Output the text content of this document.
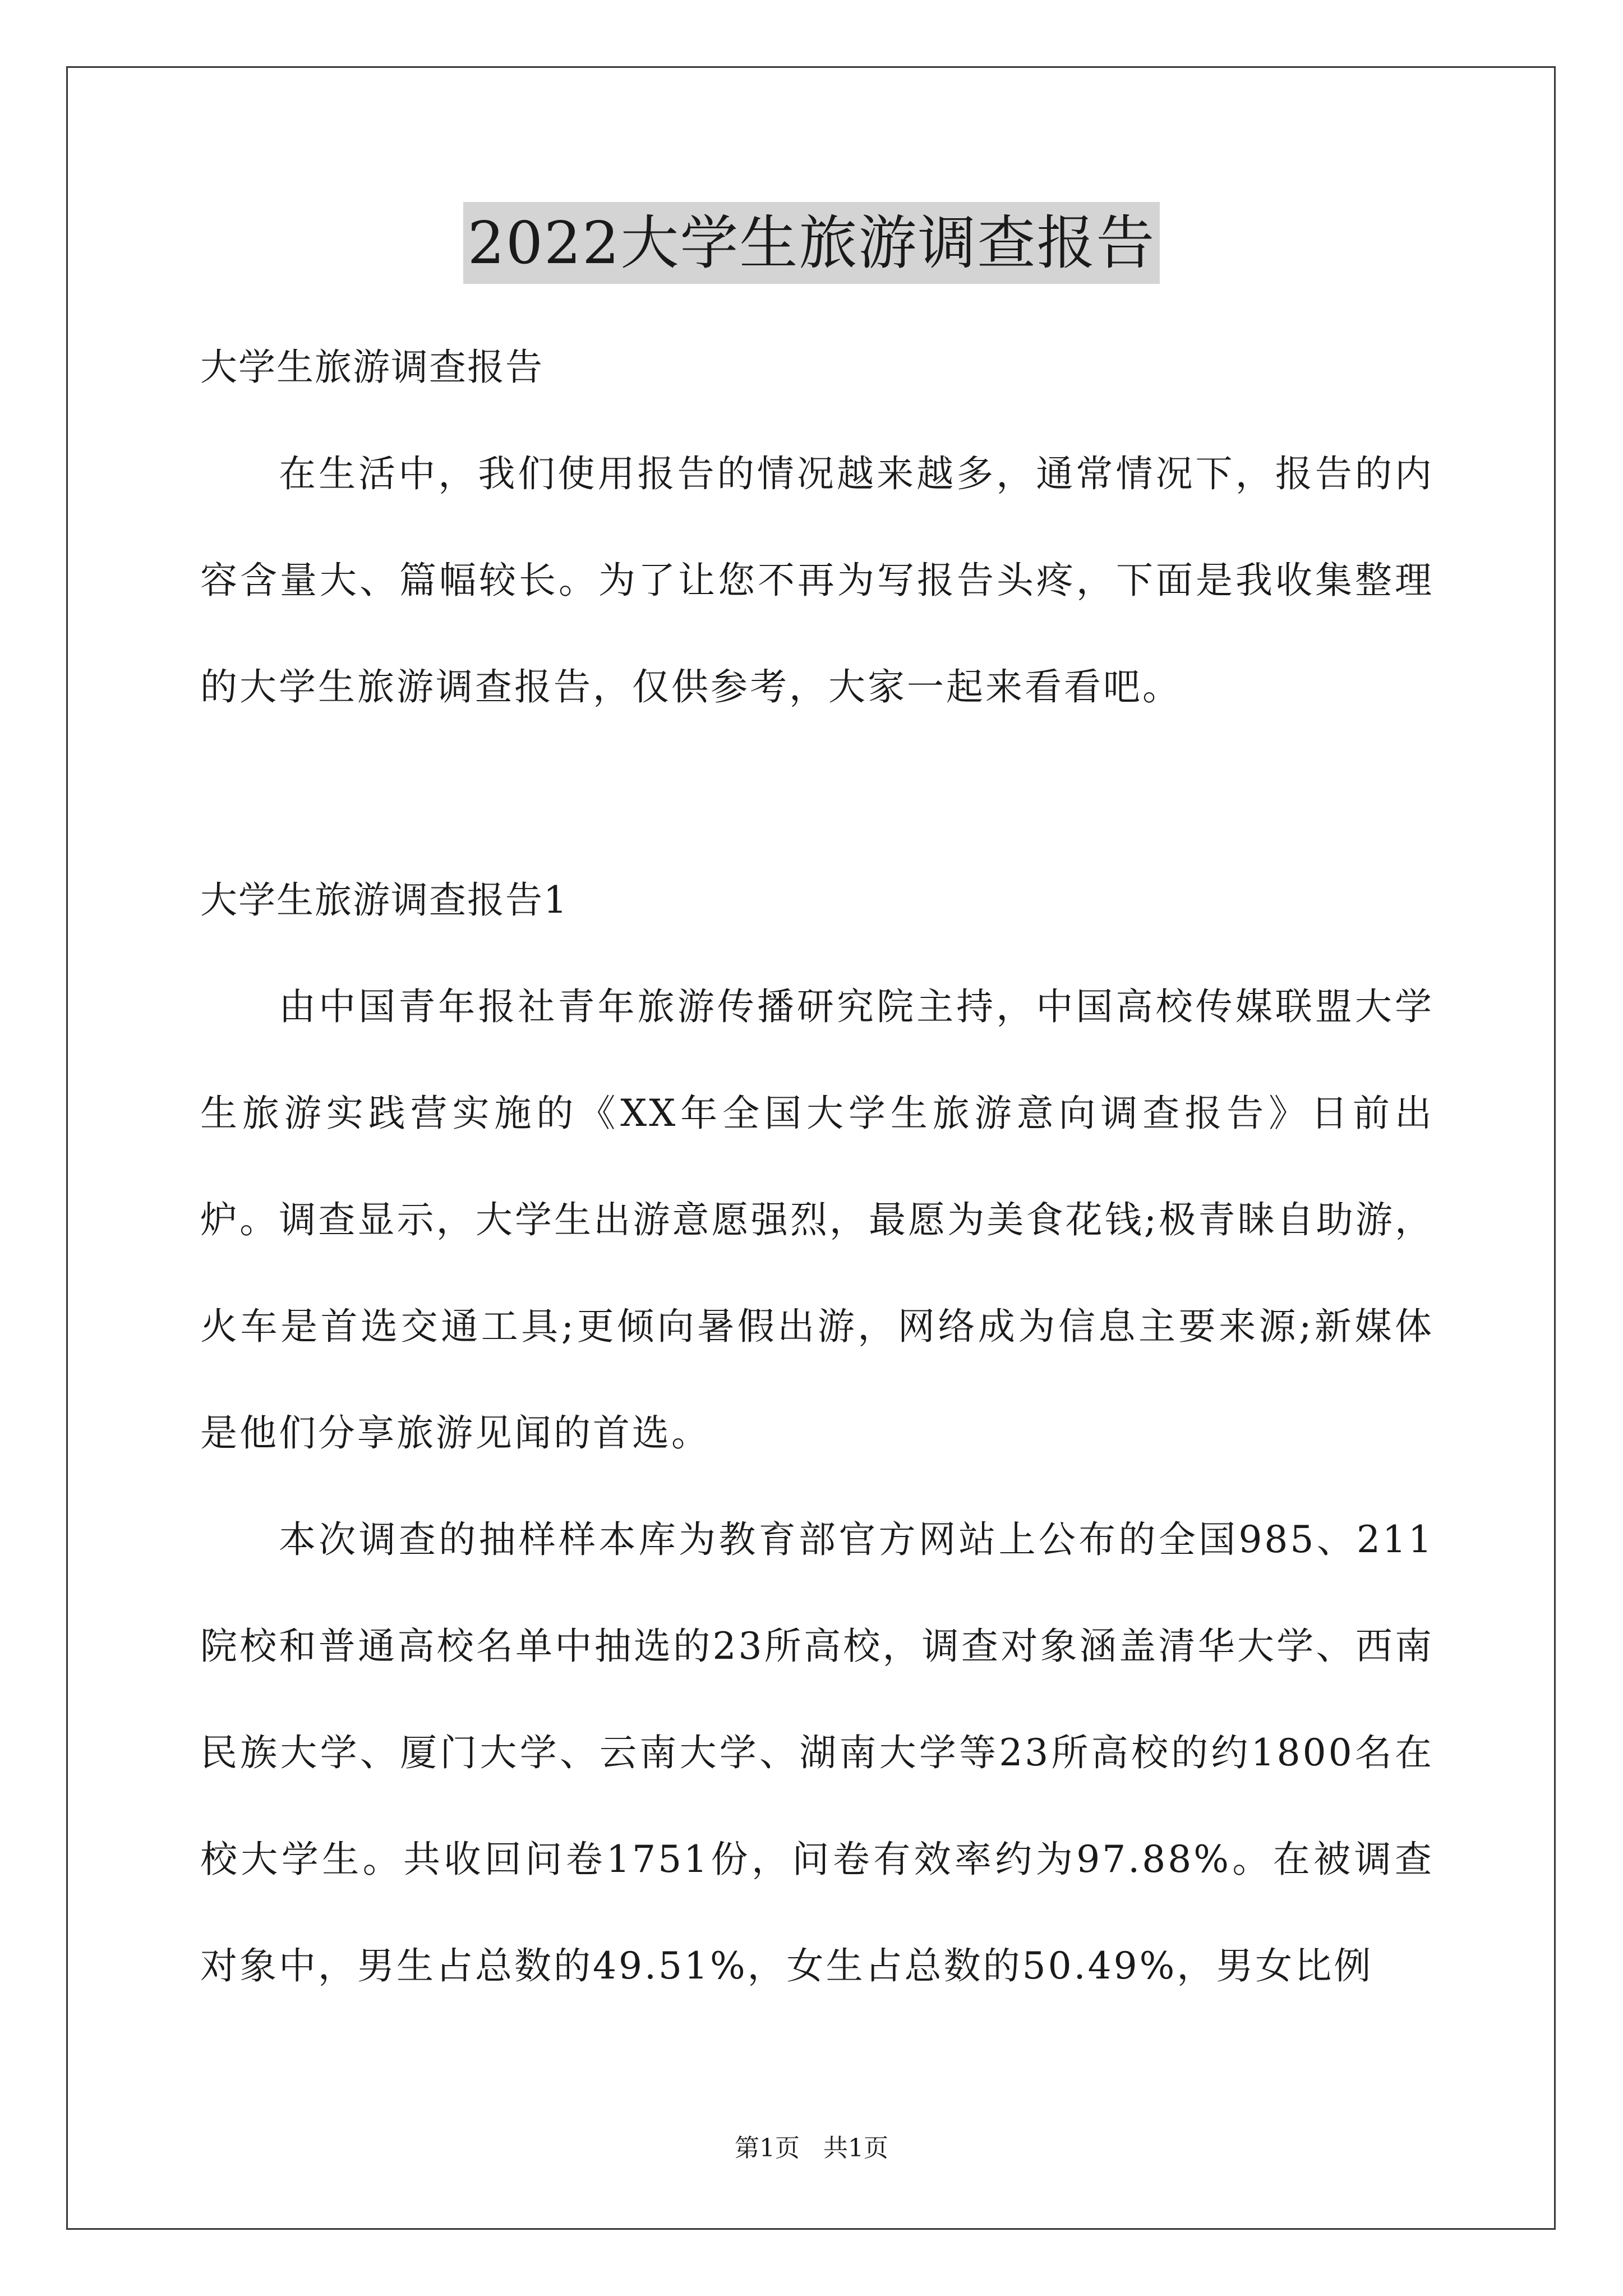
2022大学生旅游调查报告

大学生旅游调查报告

在生活中，我们使用报告的情况越来越多，通常情况下，报告的内容含量大、篇幅较长。为了让您不再为写报告头疼，下面是我收集整理的大学生旅游调查报告，仅供参考，大家一起来看看吧。

大学生旅游调查报告1

由中国青年报社青年旅游传播研究院主持，中国高校传媒联盟大学生旅游实践营实施的《XX年全国大学生旅游意向调查报告》日前出炉。调查显示，大学生出游意愿强烈，最愿为美食花钱;极青睐自助游，火车是首选交通工具;更倾向暑假出游，网络成为信息主要来源;新媒体是他们分享旅游见闻的首选。

本次调查的抽样样本库为教育部官方网站上公布的全国985、211院校和普通高校名单中抽选的23所高校，调查对象涵盖清华大学、西南民族大学、厦门大学、云南大学、湖南大学等23所高校的约1800名在校大学生。共收回问卷1751份，问卷有效率约为97.88%。在被调查对象中，男生占总数的49.51%，女生占总数的50.49%，男女比例

第1页 共1页
